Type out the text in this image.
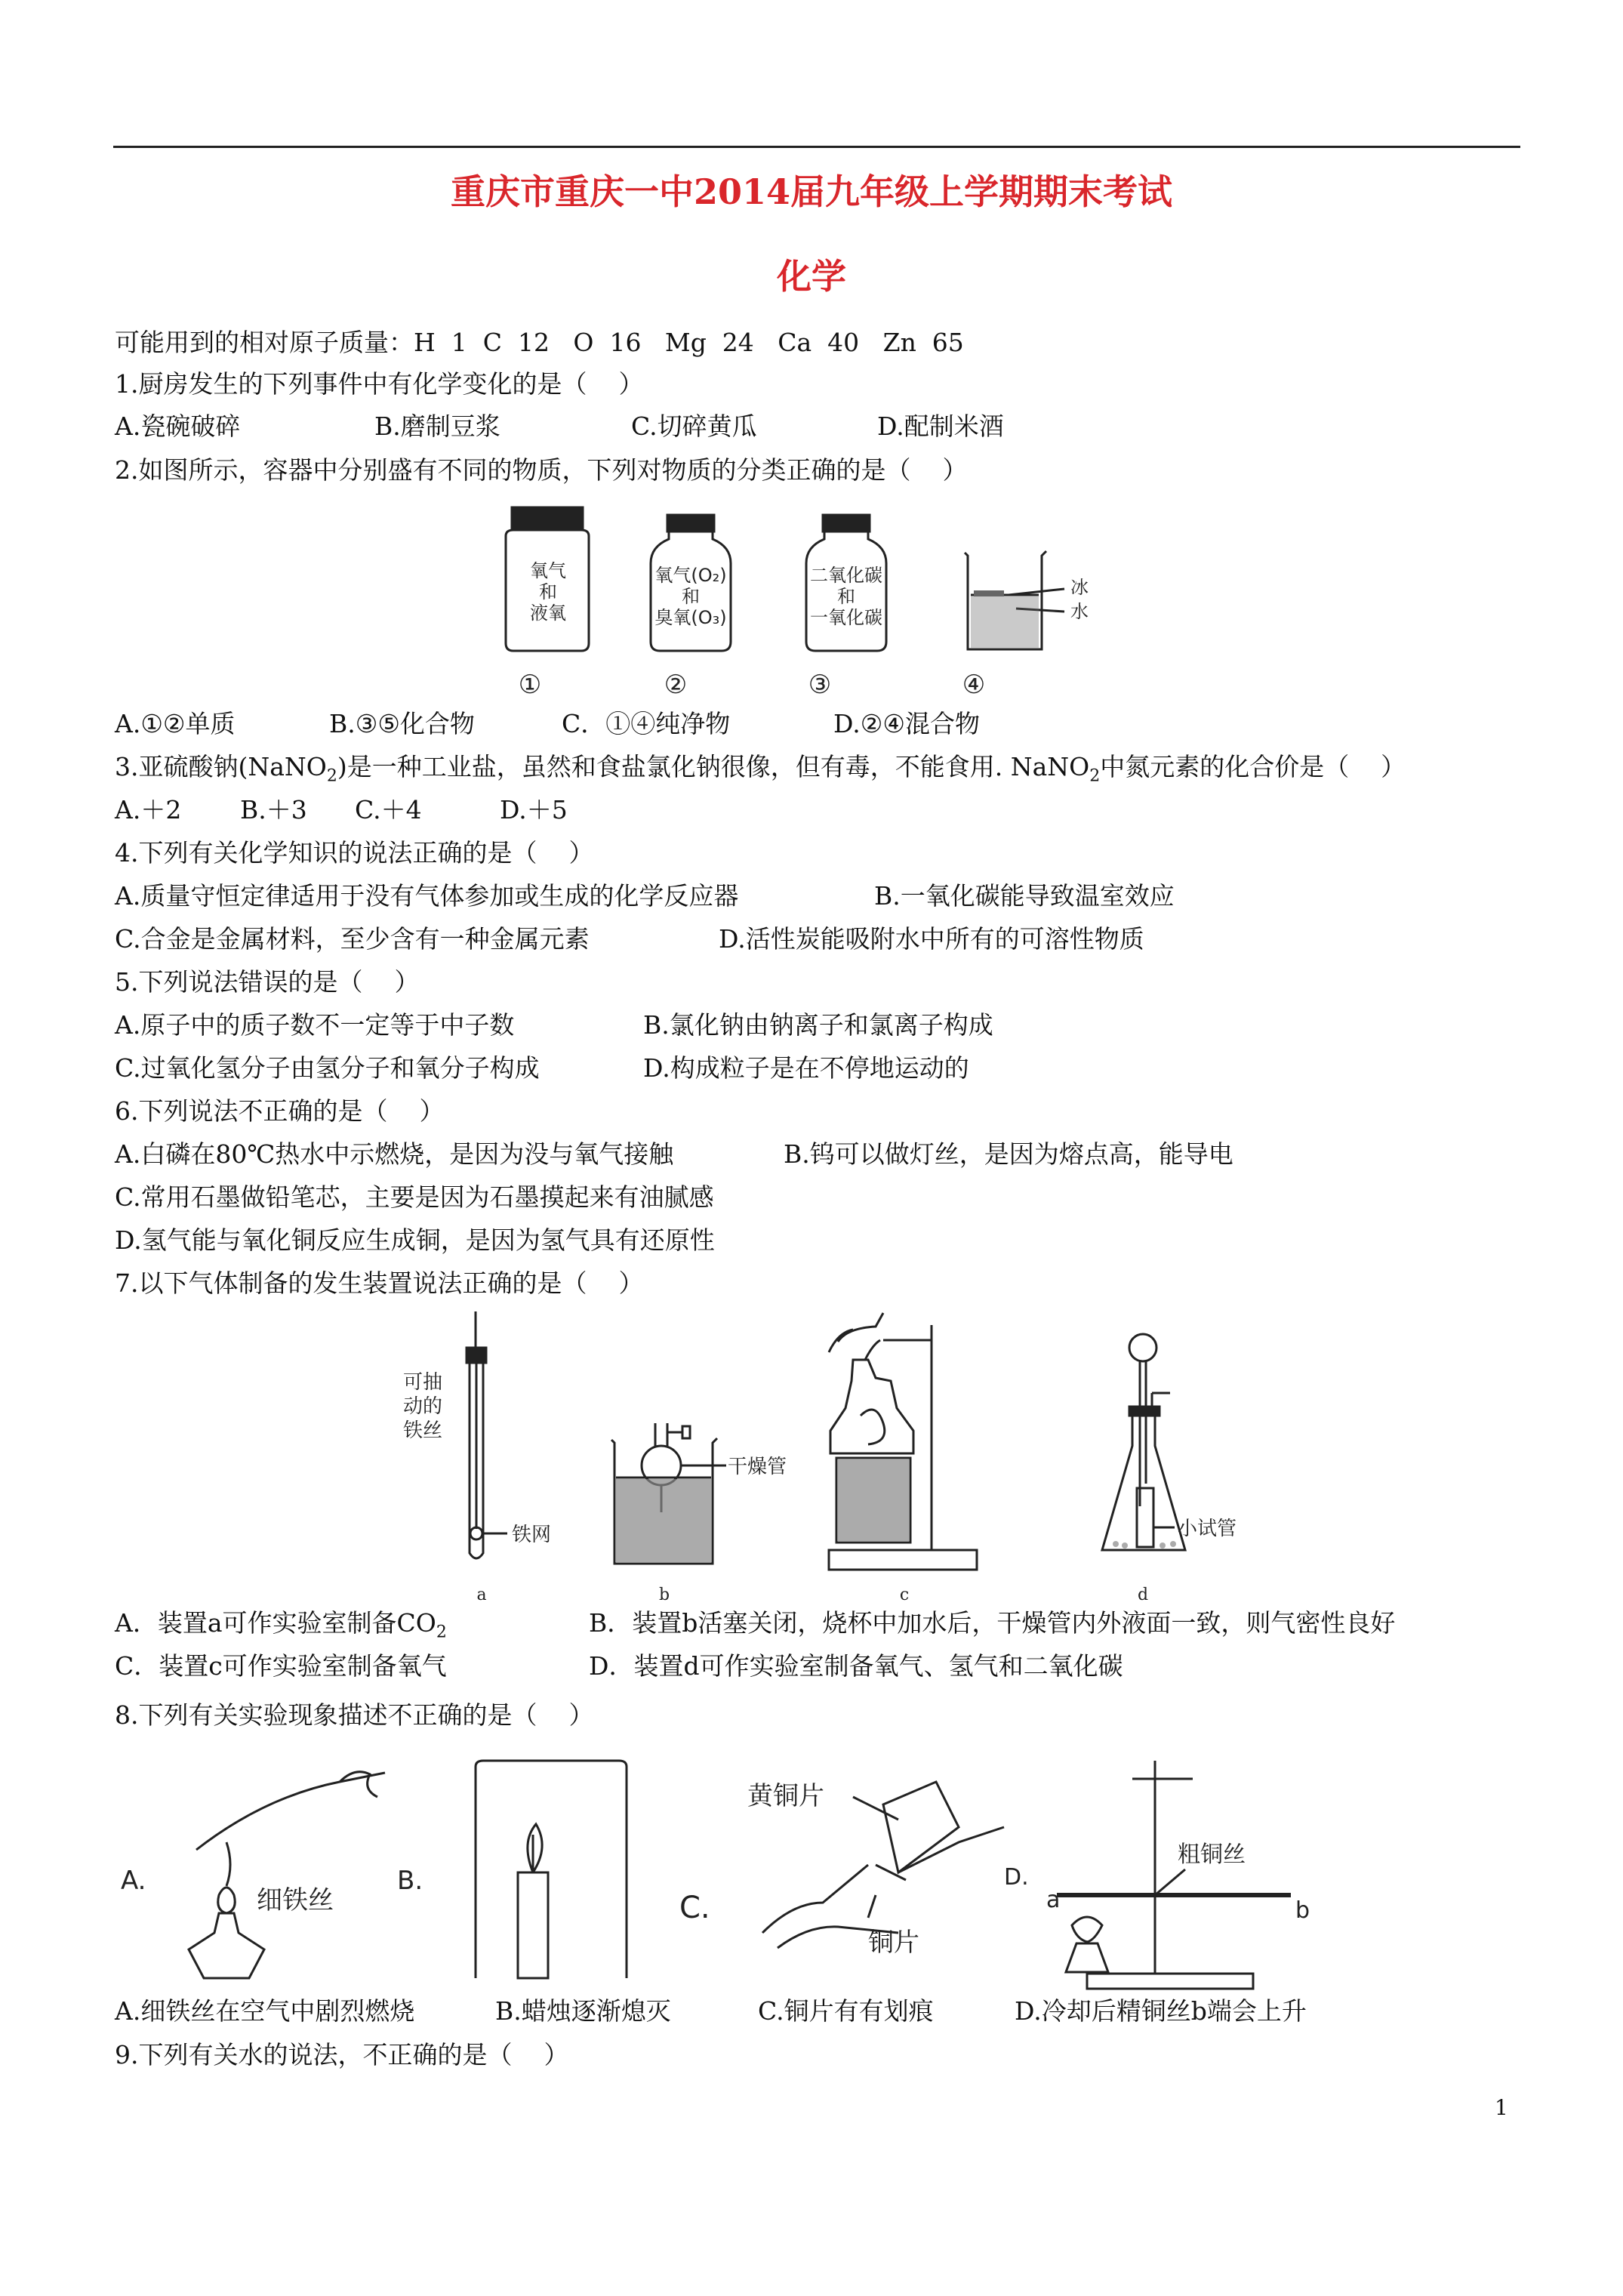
重庆市重庆一中2014届九年级上学期期末考试
化学
可能用到的相对原子质量：H  1  C  12   O  16   Mg  24   Ca  40   Zn  65
1.厨房发生的下列事件中有化学变化的是（    ）
A.瓷碗破碎	B.磨制豆浆	C.切碎黄瓜	D.配制米酒
2.如图所示，容器中分别盛有不同的物质，下列对物质的分类正确的是（    ）
氧气
和
液氧
氧气(O₂)
和
臭氧(O₃)
二氧化碳
和
一氧化碳
冰
水
①	②	③	④
A.①②单质	B.③⑤化合物	C．①④纯净物	D.②④混合物
3.亚硫酸钠(NaNO$_2$)是一种工业盐，虽然和食盐氯化钠很像，但有毒，不能食用. NaNO$_2$中氮元素的化合价是（    ）
A.＋2 B.＋3 C.＋4	D.＋5
4.下列有关化学知识的说法正确的是（    ）
A.质量守恒定律适用于没有气体参加或生成的化学反应器	B.一氧化碳能导致温室效应
C.合金是金属材料，至少含有一种金属元素	D.活性炭能吸附水中所有的可溶性物质
5.下列说法错误的是（    ）
A.原子中的质子数不一定等于中子数	B.氯化钠由钠离子和氯离子构成
C.过氧化氢分子由氢分子和氧分子构成	D.构成粒子是在不停地运动的
6.下列说法不正确的是（    ）
A.白磷在80℃热水中示燃烧，是因为没与氧气接触	B.钨可以做灯丝，是因为熔点高，能导电
C.常用石墨做铅笔芯，主要是因为石墨摸起来有油腻感
D.氢气能与氧化铜反应生成铜，是因为氢气具有还原性
7.以下气体制备的发生装置说法正确的是（    ）
可抽
动的
铁丝
铁网
干燥管
小试管
a	b	c	d
A．装置a可作实验室制备$CO_2$	B．装置b活塞关闭，烧杯中加水后，干燥管内外液面一致，则气密性良好
C．装置c可作实验室制备氧气	D．装置d可作实验室制备氧气、氢气和二氧化碳
8.下列有关实验现象描述不正确的是（    ）
A.
细铁丝
B.
C.
黄铜片
铜片
D.
粗铜丝
a	b
A.细铁丝在空气中剧烈燃烧	B.蜡烛逐渐熄灭	C.铜片有有划痕	D.冷却后精铜丝b端会上升
9.下列有关水的说法，不正确的是（    ）
1
